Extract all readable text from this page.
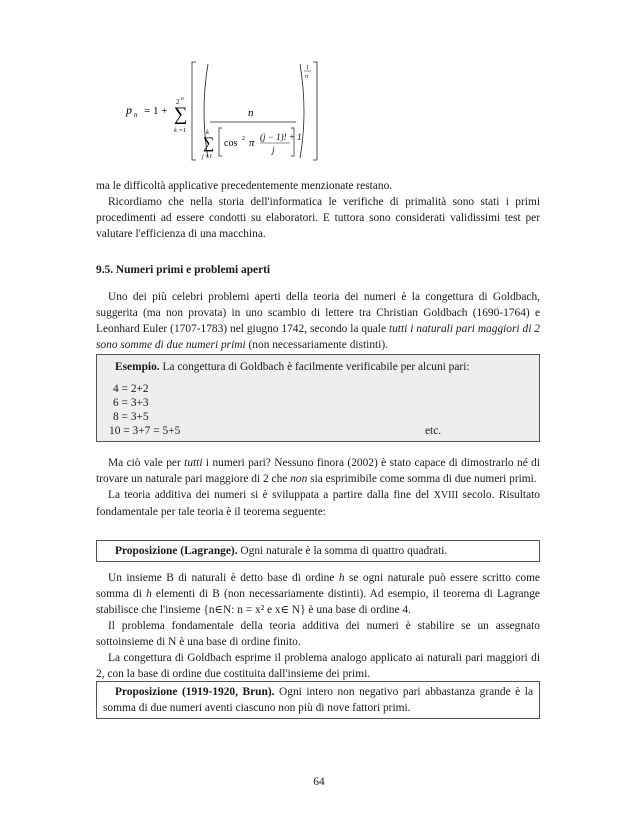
p n = 1 +
2 n
∑
k =1
n
k
∑
j =1
cos 2 π (j − 1)! + 1
j
1
n

ma le difficoltà applicative precedentemente menzionate restano.

Ricordiamo che nella storia dell'informatica le verifiche di primalità sono stati i primi procedimenti ad essere condotti su elaboratori. E tuttora sono considerati validissimi test per valutare l'efficienza di una macchina.

9.5. Numeri primi e problemi aperti

Uno dei più celebri problemi aperti della teoria dei numeri è la congettura di Goldbach, suggerita (ma non provata) in uno scambio di lettere tra Christian Goldbach (1690-1764) e Leonhard Euler (1707-1783) nel giugno 1742, secondo la quale tutti i naturali pari maggiori di 2 sono somme di due numeri primi (non necessariamente distinti).

Esempio. La congettura di Goldbach è facilmente verificabile per alcuni pari:
4 = 2+2
6 = 3+3
8 = 3+5
10 = 3+7 = 5+5	etc.

Ma ciò vale per tutti i numeri pari? Nessuno finora (2002) è stato capace di dimostrarlo né di trovare un naturale pari maggiore di 2 che non sia esprimibile come somma di due numeri primi.

La teoria additiva dei numeri si è sviluppata a partire dalla fine del XVIII secolo. Risultato fondamentale per tale teoria è il teorema seguente:

Proposizione (Lagrange). Ogni naturale è la somma di quattro quadrati.

Un insieme B di naturali è detto base di ordine h se ogni naturale può essere scritto come somma di h elementi di B (non necessariamente distinti). Ad esempio, il teorema di Lagrange stabilisce che l'insieme {n∈N: n = x² e x∈ N} è una base di ordine 4.

Il problema fondamentale della teoria additiva dei numeri è stabilire se un assegnato sottoinsieme di N è una base di ordine finito.

La congettura di Goldbach esprime il problema analogo applicato ai naturali pari maggiori di 2, con la base di ordine due costituita dall'insieme dei primi.

Proposizione (1919-1920, Brun). Ogni intero non negativo pari abbastanza grande è la somma di due numeri aventi ciascuno non più di nove fattori primi.
64
